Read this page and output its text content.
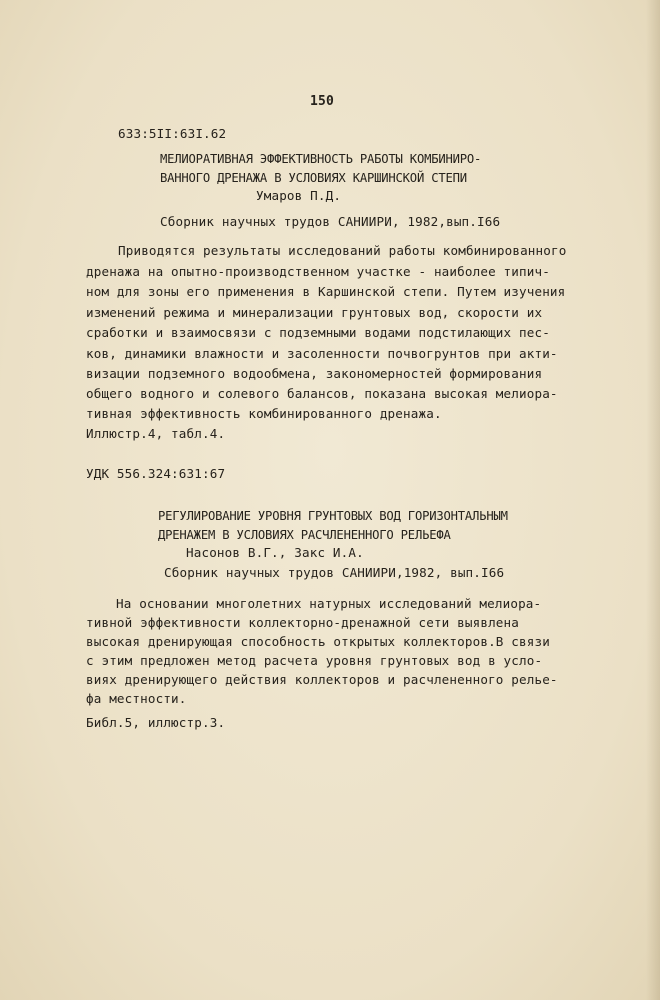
150
633:5II:63I.62
МЕЛИОРАТИВНАЯ ЭФФЕКТИВНОСТЬ РАБОТЫ КОМБИНИРО-
ВАННОГО ДРЕНАЖА В УСЛОВИЯХ КАРШИНСКОЙ СТЕПИ
Умаров П.Д.
Сборник научных трудов САНИИРИ, 1982,вып.I66
Приводятся результаты исследований работы комбинированного
дренажа на опытно-производственном участке - наиболее типич-
ном для зоны его применения в Каршинской степи. Путем изучения
изменений режима и минерализации грунтовых вод, скорости их
сработки и взаимосвязи с подземными водами подстилающих пес-
ков, динамики влажности и засоленности почвогрунтов при акти-
визации подземного водообмена, закономерностей формирования
общего водного и солевого балансов, показана высокая мелиора-
тивная эффективность комбинированного дренажа.
Иллюстр.4, табл.4.
УДК 556.324:631:67
РЕГУЛИРОВАНИЕ УРОВНЯ ГРУНТОВЫХ ВОД ГОРИЗОНТАЛЬНЫМ
ДРЕНАЖЕМ В УСЛОВИЯХ РАСЧЛЕНЕННОГО РЕЛЬЕФА
Насонов В.Г., Закс И.А.
Сборник научных трудов САНИИРИ,1982, вып.I66
На основании многолетних натурных исследований мелиора-
тивной эффективности коллекторно-дренажной сети выявлена
высокая дренирующая способность открытых коллекторов.В связи
с этим предложен метод расчета уровня грунтовых вод в усло-
виях дренирующего действия коллекторов и расчлененного релье-
фа местности.
Библ.5, иллюстр.3.
